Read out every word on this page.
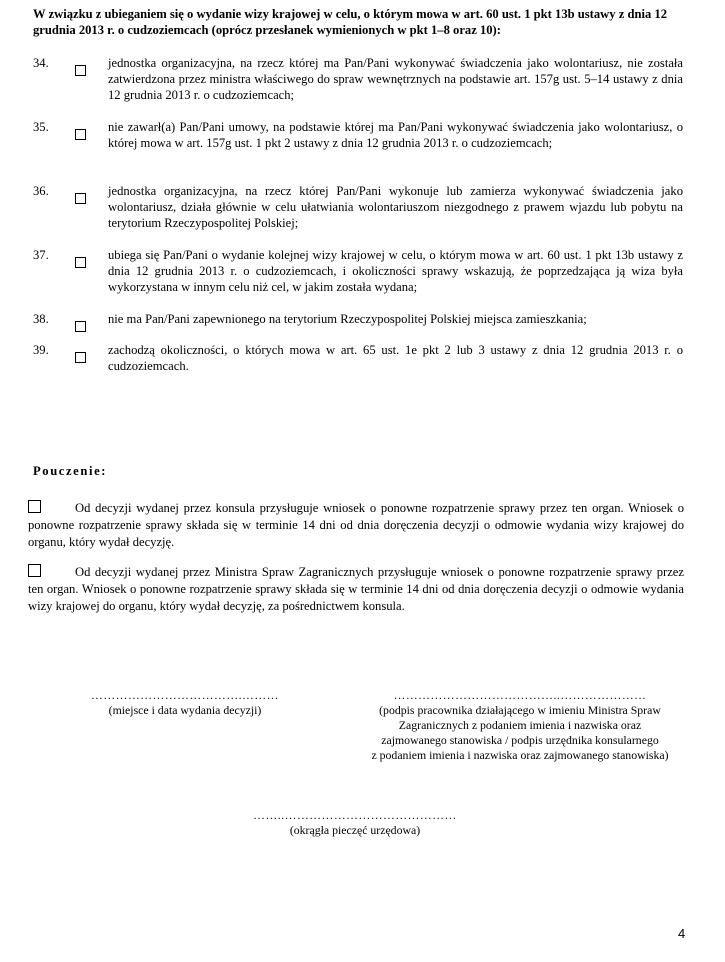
W związku z ubieganiem się o wydanie wizy krajowej w celu, o którym mowa w art. 60 ust. 1 pkt 13b ustawy z dnia 12 grudnia 2013 r. o cudzoziemcach (oprócz przesłanek wymienionych w pkt 1–8 oraz 10):
34.	jednostka organizacyjna, na rzecz której ma Pan/Pani wykonywać świadczenia jako wolontariusz, nie została zatwierdzona przez ministra właściwego do spraw wewnętrznych na podstawie art. 157g ust. 5–14 ustawy z dnia 12 grudnia 2013 r. o cudzoziemcach;
35.	nie zawarł(a) Pan/Pani umowy, na podstawie której ma Pan/Pani wykonywać świadczenia jako wolontariusz, o której mowa w art. 157g ust. 1 pkt 2 ustawy z dnia 12 grudnia 2013 r. o cudzoziemcach;
36.	jednostka organizacyjna, na rzecz której Pan/Pani wykonuje lub zamierza wykonywać świadczenia jako wolontariusz, działa głównie w celu ułatwiania wolontariuszom niezgodnego z prawem wjazdu lub pobytu na terytorium Rzeczypospolitej Polskiej;
37.	ubiega się Pan/Pani o wydanie kolejnej wizy krajowej w celu, o którym mowa w art. 60 ust. 1 pkt 13b ustawy z dnia 12 grudnia 2013 r. o cudzoziemcach, i okoliczności sprawy wskazują, że poprzedzająca ją wiza była wykorzystana w innym celu niż cel, w jakim została wydana;
38.	nie ma Pan/Pani zapewnionego na terytorium Rzeczypospolitej Polskiej miejsca zamieszkania;
39.	zachodzą okoliczności, o których mowa w art. 65 ust. 1e pkt 2 lub 3 ustawy z dnia 12 grudnia 2013 r. o cudzoziemcach.
Pouczenie:
Od decyzji wydanej przez konsula przysługuje wniosek o ponowne rozpatrzenie sprawy przez ten organ. Wniosek o ponowne rozpatrzenie sprawy składa się w terminie 14 dni od dnia doręczenia decyzji o odmowie wydania wizy krajowej do organu, który wydał decyzję.
Od decyzji wydanej przez Ministra Spraw Zagranicznych przysługuje wniosek o ponowne rozpatrzenie sprawy przez ten organ. Wniosek o ponowne rozpatrzenie sprawy składa się w terminie 14 dni od dnia doręczenia decyzji o odmowie wydania wizy krajowej do organu, który wydał decyzję, za pośrednictwem konsula.
……………………………….………
(miejsce i data wydania decyzji)
…………………………………..…………………
(podpis pracownika działającego w imieniu Ministra Spraw
Zagranicznych z podaniem imienia i nazwiska oraz
zajmowanego stanowiska / podpis urzędnika konsularnego
z podaniem imienia i nazwiska oraz zajmowanego stanowiska)
……..……………………………………
(okrągła pieczęć urzędowa)
4
